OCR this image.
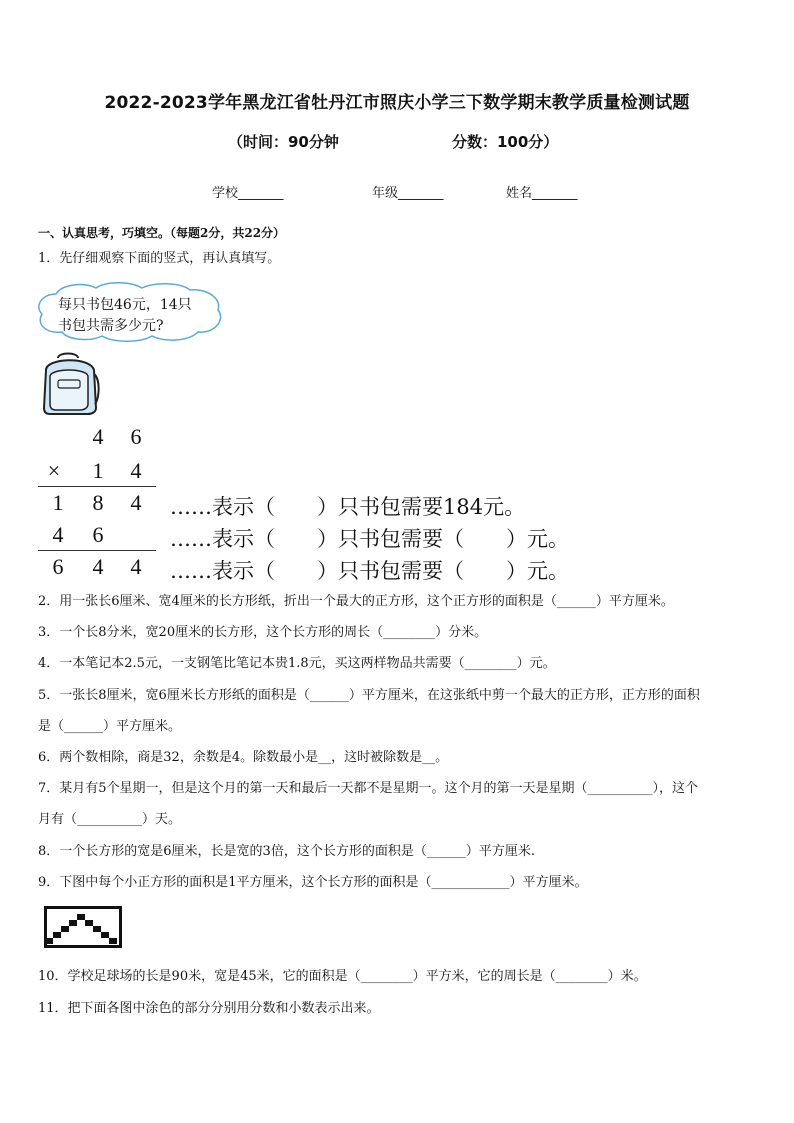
2022-2023学年黑龙江省牡丹江市照庆小学三下数学期末教学质量检测试题
（时间：90分钟	分数：100分）
学校_______	年级_______	姓名_______
一、认真思考，巧填空。（每题2分，共22分）
1．先仔细观察下面的竖式，再认真填写。
每只书包46元，14只
书包共需多少元?
4 6
× 1 4
1 8 4
4 6
6 4 4
……表示（　　）只书包需要184元。
……表示（　　）只书包需要（　　）元。
……表示（　　）只书包需要（　　）元。
2．用一张长6厘米、宽4厘米的长方形纸，折出一个最大的正方形，这个正方形的面积是（______）平方厘米。
3．一个长8分米，宽20厘米的长方形，这个长方形的周长（________）分米。
4．一本笔记本2.5元，一支钢笔比笔记本贵1.8元，买这两样物品共需要（________）元。
5．一张长8厘米，宽6厘米长方形纸的面积是（______）平方厘米，在这张纸中剪一个最大的正方形，正方形的面积
是（______）平方厘米。
6．两个数相除，商是32，余数是4。除数最小是__，这时被除数是__。
7．某月有5个星期一，但是这个月的第一天和最后一天都不是星期一。这个月的第一天是星期（__________），这个
月有（__________）天。
8．一个长方形的宽是6厘米，长是宽的3倍，这个长方形的面积是（______）平方厘米.
9．下图中每个小正方形的面积是1平方厘米，这个长方形的面积是（____________）平方厘米。
10．学校足球场的长是90米，宽是45米，它的面积是（________）平方米，它的周长是（________）米。
11．把下面各图中涂色的部分分别用分数和小数表示出来。
